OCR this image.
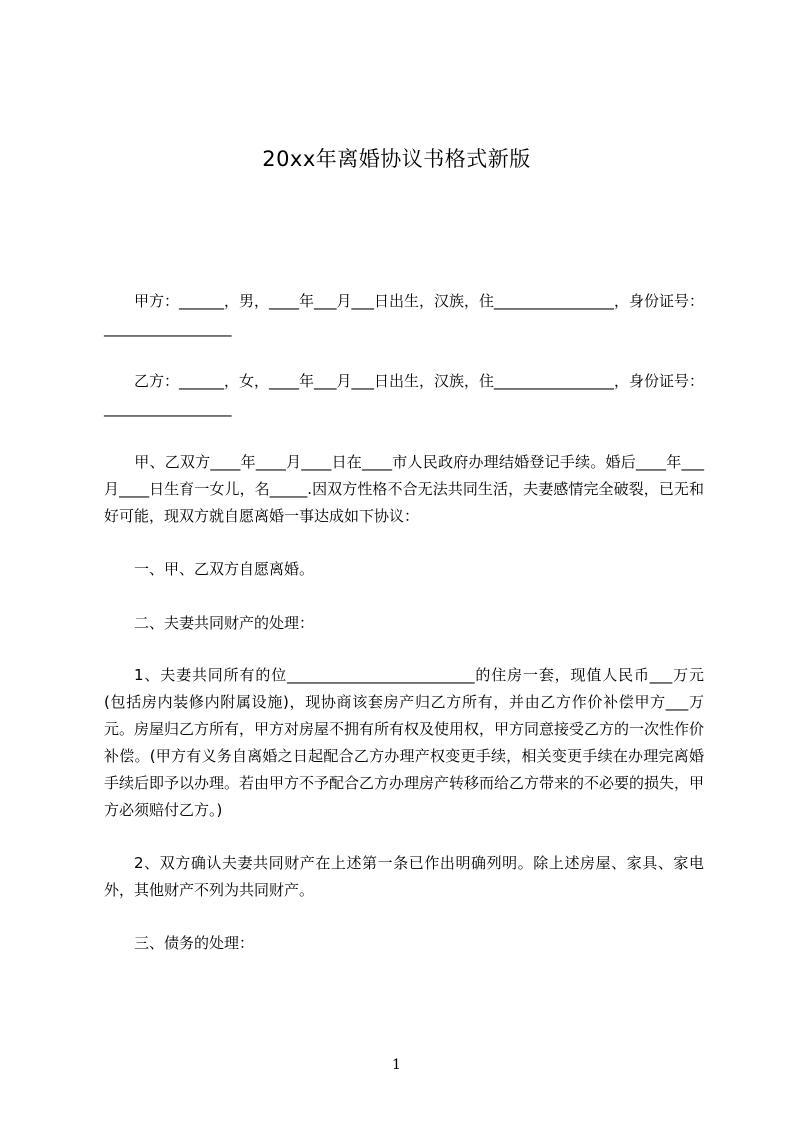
20xx年离婚协议书格式新版

甲方：______，男，____年___月___日出生，汉族，住________________，身份证号：_________________

乙方：______，女，____年___月___日出生，汉族，住________________，身份证号：_________________

甲、乙双方____年____月____日在____市人民政府办理结婚登记手续。婚后____年___月____日生育一女儿，名_____.因双方性格不合无法共同生活，夫妻感情完全破裂，已无和好可能，现双方就自愿离婚一事达成如下协议：

一、甲、乙双方自愿离婚。

二、夫妻共同财产的处理：

1、夫妻共同所有的位_________________________的住房一套，现值人民币___万元(包括房内装修内附属设施)，现协商该套房产归乙方所有，并由乙方作价补偿甲方___万元。房屋归乙方所有，甲方对房屋不拥有所有权及使用权，甲方同意接受乙方的一次性作价补偿。(甲方有义务自离婚之日起配合乙方办理产权变更手续，相关变更手续在办理完离婚手续后即予以办理。若由甲方不予配合乙方办理房产转移而给乙方带来的不必要的损失，甲方必须赔付乙方。)

2、双方确认夫妻共同财产在上述第一条已作出明确列明。除上述房屋、家具、家电外，其他财产不列为共同财产。

三、债务的处理：

1
